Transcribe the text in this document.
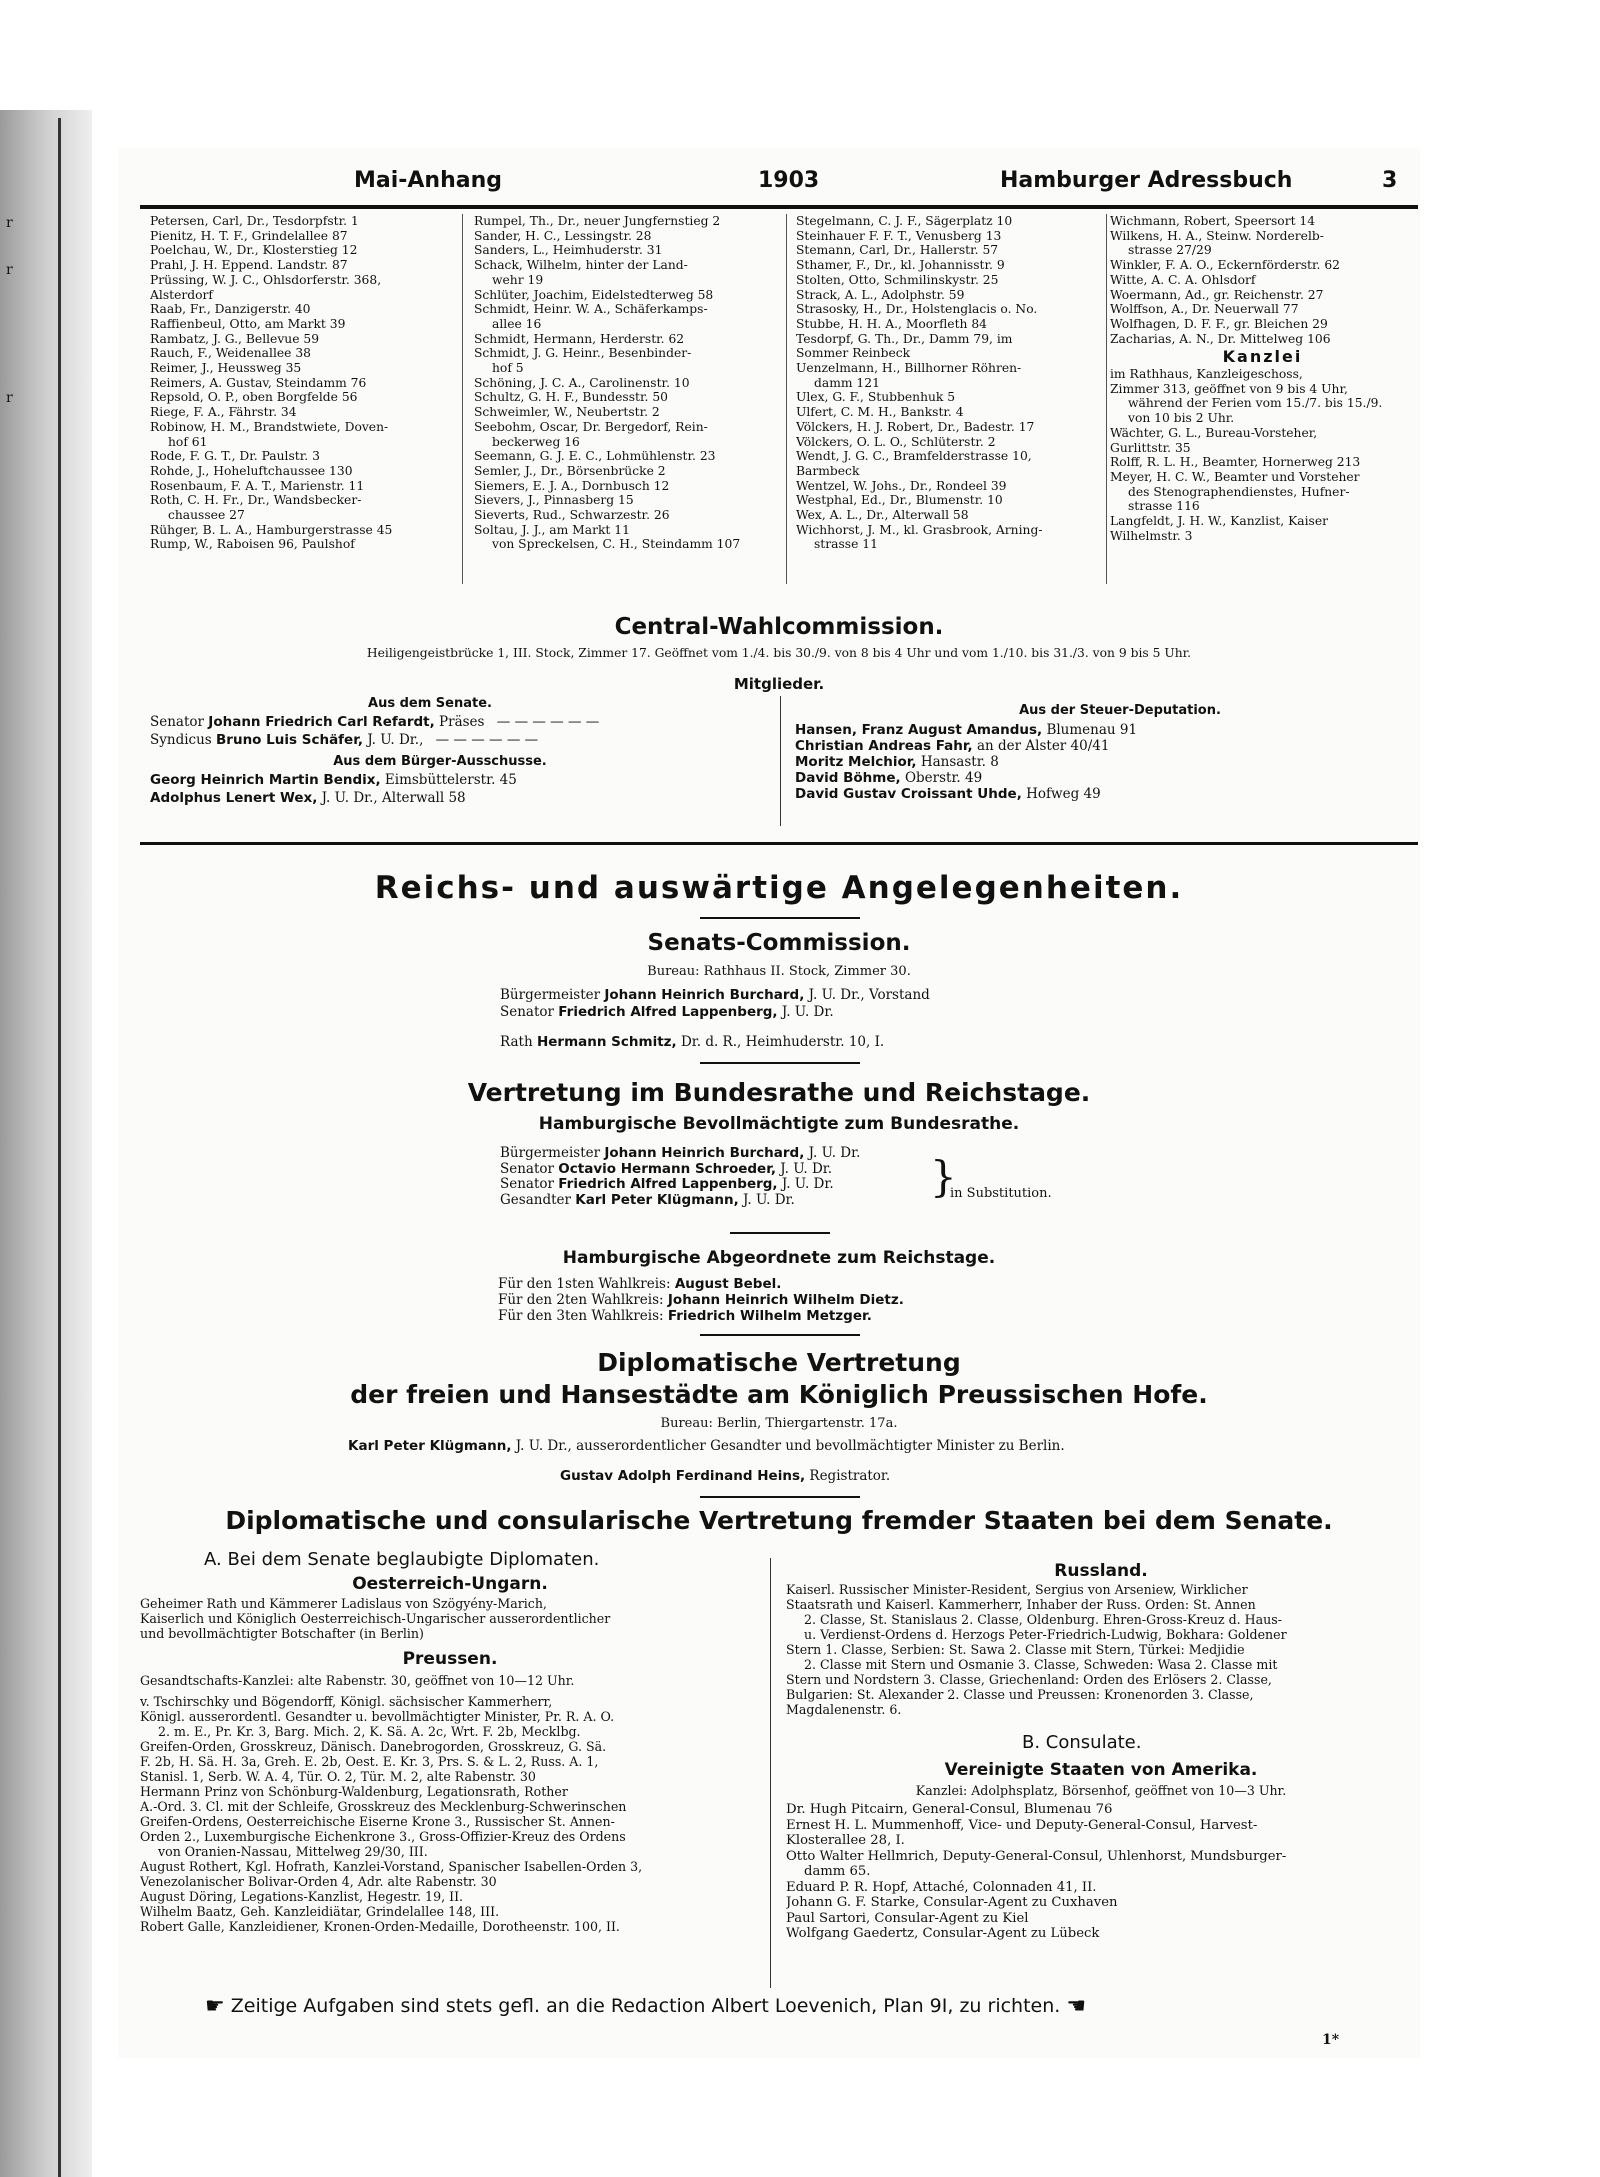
r
r
r
Mai-Anhang	1903	Hamburger Adressbuch	3
Petersen, Carl, Dr., Tesdorpfstr. 1
Pienitz, H. T. F., Grindelallee 87
Poelchau, W., Dr., Klosterstieg 12
Prahl, J. H. Eppend. Landstr. 87
Prüssing, W. J. C., Ohlsdorferstr. 368,
Alsterdorf
Raab, Fr., Danzigerstr. 40
Raffienbeul, Otto, am Markt 39
Rambatz, J. G., Bellevue 59
Rauch, F., Weidenallee 38
Reimer, J., Heussweg 35
Reimers, A. Gustav, Steindamm 76
Repsold, O. P., oben Borgfelde 56
Riege, F. A., Fährstr. 34
Robinow, H. M., Brandstwiete, Doven-
hof 61
Rode, F. G. T., Dr. Paulstr. 3
Rohde, J., Hoheluftchaussee 130
Rosenbaum, F. A. T., Marienstr. 11
Roth, C. H. Fr., Dr., Wandsbecker-
chaussee 27
Rühger, B. L. A., Hamburgerstrasse 45
Rump, W., Raboisen 96, Paulshof
Rumpel, Th., Dr., neuer Jungfernstieg 2
Sander, H. C., Lessingstr. 28
Sanders, L., Heimhuderstr. 31
Schack, Wilhelm, hinter der Land-
wehr 19
Schlüter, Joachim, Eidelstedterweg 58
Schmidt, Heinr. W. A., Schäferkamps-
allee 16
Schmidt, Hermann, Herderstr. 62
Schmidt, J. G. Heinr., Besenbinder-
hof 5
Schöning, J. C. A., Carolinenstr. 10
Schultz, G. H. F., Bundesstr. 50
Schweimler, W., Neubertstr. 2
Seebohm, Oscar, Dr. Bergedorf, Rein-
beckerweg 16
Seemann, G. J. E. C., Lohmühlenstr. 23
Semler, J., Dr., Börsenbrücke 2
Siemers, E. J. A., Dornbusch 12
Sievers, J., Pinnasberg 15
Sieverts, Rud., Schwarzestr. 26
Soltau, J. J., am Markt 11
von Spreckelsen, C. H., Steindamm 107
Stegelmann, C. J. F., Sägerplatz 10
Steinhauer F. F. T., Venusberg 13
Stemann, Carl, Dr., Hallerstr. 57
Sthamer, F., Dr., kl. Johannisstr. 9
Stolten, Otto, Schmilinskystr. 25
Strack, A. L., Adolphstr. 59
Strasosky, H., Dr., Holstenglacis o. No.
Stubbe, H. H. A., Moorfleth 84
Tesdorpf, G. Th., Dr., Damm 79, im
Sommer Reinbeck
Uenzelmann, H., Billhorner Röhren-
damm 121
Ulex, G. F., Stubbenhuk 5
Ulfert, C. M. H., Bankstr. 4
Völckers, H. J. Robert, Dr., Badestr. 17
Völckers, O. L. O., Schlüterstr. 2
Wendt, J. G. C., Bramfelderstrasse 10,
Barmbeck
Wentzel, W. Johs., Dr., Rondeel 39
Westphal, Ed., Dr., Blumenstr. 10
Wex, A. L., Dr., Alterwall 58
Wichhorst, J. M., kl. Grasbrook, Arning-
strasse 11
Wichmann, Robert, Speersort 14
Wilkens, H. A., Steinw. Norderelb-
strasse 27/29
Winkler, F. A. O., Eckernförderstr. 62
Witte, A. C. A. Ohlsdorf
Woermann, Ad., gr. Reichenstr. 27
Wolffson, A., Dr. Neuerwall 77
Wolfhagen, D. F. F., gr. Bleichen 29
Zacharias, A. N., Dr. Mittelweg 106
Kanzlei
im Rathhaus, Kanzleigeschoss,
Zimmer 313, geöffnet von 9 bis 4 Uhr,
während der Ferien vom 15./7. bis 15./9.
von 10 bis 2 Uhr.
Wächter, G. L., Bureau-Vorsteher,
Gurlittstr. 35
Rolff, R. L. H., Beamter, Hornerweg 213
Meyer, H. C. W., Beamter und Vorsteher
des Stenographendienstes, Hufner-
strasse 116
Langfeldt, J. H. W., Kanzlist, Kaiser
Wilhelmstr. 3
Central-Wahlcommission.
Heiligengeistbrücke 1, III. Stock, Zimmer 17. Geöffnet vom 1./4. bis 30./9. von 8 bis 4 Uhr und vom 1./10. bis 31./3. von 9 bis 5 Uhr.
Mitglieder.
Aus dem Senate.
Senator Johann Friedrich Carl Refardt, Präses — — — — — —
Syndicus Bruno Luis Schäfer, J. U. Dr., — — — — — —
Aus dem Bürger-Ausschusse.
Georg Heinrich Martin Bendix, Eimsbüttelerstr. 45
Adolphus Lenert Wex, J. U. Dr., Alterwall 58
Aus der Steuer-Deputation.
Hansen, Franz August Amandus, Blumenau 91
Christian Andreas Fahr, an der Alster 40/41
Moritz Melchior, Hansastr. 8
David Böhme, Oberstr. 49
David Gustav Croissant Uhde, Hofweg 49
Reichs- und auswärtige Angelegenheiten.
Senats-Commission.
Bureau: Rathhaus II. Stock, Zimmer 30.
Bürgermeister Johann Heinrich Burchard, J. U. Dr., Vorstand
Senator Friedrich Alfred Lappenberg, J. U. Dr.
Rath Hermann Schmitz, Dr. d. R., Heimhuderstr. 10, I.
Vertretung im Bundesrathe und Reichstage.
Hamburgische Bevollmächtigte zum Bundesrathe.
Bürgermeister Johann Heinrich Burchard, J. U. Dr.
Senator Octavio Hermann Schroeder, J. U. Dr.
Senator Friedrich Alfred Lappenberg, J. U. Dr.
Gesandter Karl Peter Klügmann, J. U. Dr.	}
in Substitution.
Hamburgische Abgeordnete zum Reichstage.
Für den 1sten Wahlkreis: August Bebel.
Für den 2ten Wahlkreis: Johann Heinrich Wilhelm Dietz.
Für den 3ten Wahlkreis: Friedrich Wilhelm Metzger.
Diplomatische Vertretung
der freien und Hansestädte am Königlich Preussischen Hofe.
Bureau: Berlin, Thiergartenstr. 17a.
Karl Peter Klügmann, J. U. Dr., ausserordentlicher Gesandter und bevollmächtigter Minister zu Berlin.
Gustav Adolph Ferdinand Heins, Registrator.
Diplomatische und consularische Vertretung fremder Staaten bei dem Senate.
A. Bei dem Senate beglaubigte Diplomaten.
Oesterreich-Ungarn.
Geheimer Rath und Kämmerer Ladislaus von Szögyény-Marich,
Kaiserlich und Königlich Oesterreichisch-Ungarischer ausserordentlicher
und bevollmächtigter Botschafter (in Berlin)
Preussen.
Gesandtschafts-Kanzlei: alte Rabenstr. 30, geöffnet von 10—12 Uhr.
v. Tschirschky und Bögendorff, Königl. sächsischer Kammerherr,
Königl. ausserordentl. Gesandter u. bevollmächtigter Minister, Pr. R. A. O.
2. m. E., Pr. Kr. 3, Barg. Mich. 2, K. Sä. A. 2c, Wrt. F. 2b, Mecklbg.
Greifen-Orden, Grosskreuz, Dänisch. Danebrogorden, Grosskreuz, G. Sä.
F. 2b, H. Sä. H. 3a, Greh. E. 2b, Oest. E. Kr. 3, Prs. S. & L. 2, Russ. A. 1,
Stanisl. 1, Serb. W. A. 4, Tür. O. 2, Tür. M. 2, alte Rabenstr. 30
Hermann Prinz von Schönburg-Waldenburg, Legationsrath, Rother
A.-Ord. 3. Cl. mit der Schleife, Grosskreuz des Mecklenburg-Schwerinschen
Greifen-Ordens, Oesterreichische Eiserne Krone 3., Russischer St. Annen-
Orden 2., Luxemburgische Eichenkrone 3., Gross-Offizier-Kreuz des Ordens
von Oranien-Nassau, Mittelweg 29/30, III.
August Rothert, Kgl. Hofrath, Kanzlei-Vorstand, Spanischer Isabellen-Orden 3,
Venezolanischer Bolivar-Orden 4, Adr. alte Rabenstr. 30
August Döring, Legations-Kanzlist, Hegestr. 19, II.
Wilhelm Baatz, Geh. Kanzleidiätar, Grindelallee 148, III.
Robert Galle, Kanzleidiener, Kronen-Orden-Medaille, Dorotheenstr. 100, II.
Russland.
Kaiserl. Russischer Minister-Resident, Sergius von Arseniew, Wirklicher
Staatsrath und Kaiserl. Kammerherr, Inhaber der Russ. Orden: St. Annen
2. Classe, St. Stanislaus 2. Classe, Oldenburg. Ehren-Gross-Kreuz d. Haus-
u. Verdienst-Ordens d. Herzogs Peter-Friedrich-Ludwig, Bokhara: Goldener
Stern 1. Classe, Serbien: St. Sawa 2. Classe mit Stern, Türkei: Medjidie
2. Classe mit Stern und Osmanie 3. Classe, Schweden: Wasa 2. Classe mit
Stern und Nordstern 3. Classe, Griechenland: Orden des Erlösers 2. Classe,
Bulgarien: St. Alexander 2. Classe und Preussen: Kronenorden 3. Classe,
Magdalenenstr. 6.
B. Consulate.
Vereinigte Staaten von Amerika.
Kanzlei: Adolphsplatz, Börsenhof, geöffnet von 10—3 Uhr.
Dr. Hugh Pitcairn, General-Consul, Blumenau 76
Ernest H. L. Mummenhoff, Vice- und Deputy-General-Consul, Harvest-
Klosterallee 28, I.
Otto Walter Hellmrich, Deputy-General-Consul, Uhlenhorst, Mundsburger-
damm 65.
Eduard P. R. Hopf, Attaché, Colonnaden 41, II.
Johann G. F. Starke, Consular-Agent zu Cuxhaven
Paul Sartori, Consular-Agent zu Kiel
Wolfgang Gaedertz, Consular-Agent zu Lübeck
☛ Zeitige Aufgaben sind stets gefl. an die Redaction Albert Loevenich, Plan 9I, zu richten. ☚
1*
